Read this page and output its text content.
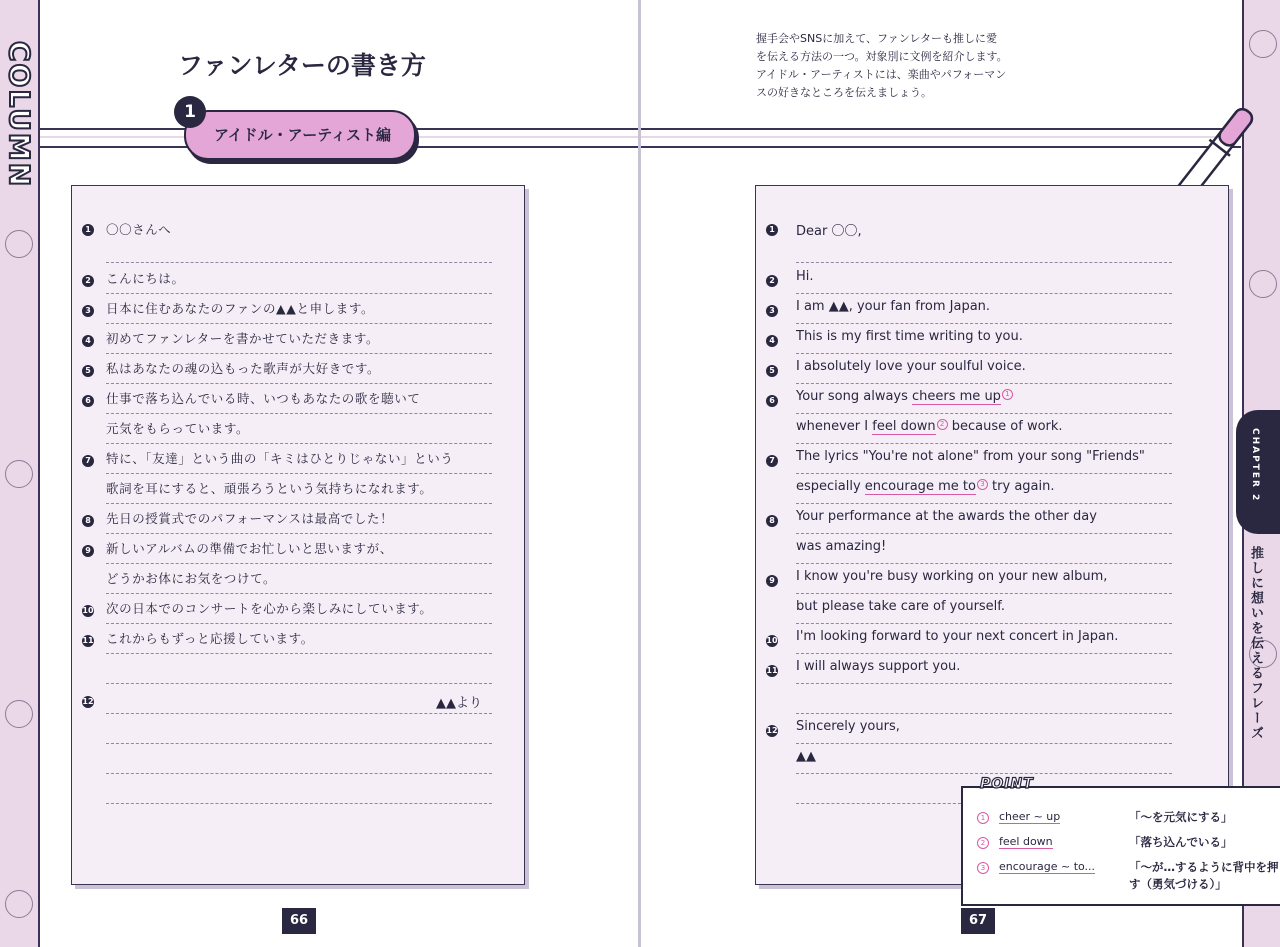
COLUMN	ファンレターの書き方
アイドル・アーティスト編
1
1 〇〇さんへ
2 こんにちは。
3 日本に住むあなたのファンの▲▲と申します。
4 初めてファンレターを書かせていただきます。
5 私はあなたの魂の込もった歌声が大好きです。
6 仕事で落ち込んでいる時、いつもあなたの歌を聴いて
元気をもらっています。
7 特に、「友達」という曲の「キミはひとりじゃない」という
歌詞を耳にすると、頑張ろうという気持ちになれます。
8 先日の授賞式でのパフォーマンスは最高でした！
9 新しいアルバムの準備でお忙しいと思いますが、
どうかお体にお気をつけて。
10 次の日本でのコンサートを心から楽しみにしています。
11 これからもずっと応援しています。
12	▲▲より
66
握手会やSNSに加えて、ファンレターも推しに愛を伝える方法の一つ。対象別に文例を紹介します。アイドル・アーティストには、楽曲やパフォーマンスの好きなところを伝えましょう。
1 Dear 〇〇,
2 Hi.
3 I am ▲▲, your fan from Japan.
4 This is my first time writing to you.
5 I absolutely love your soulful voice.
6 Your song always cheers me up 1
whenever I feel down 2 because of work.
7 The lyrics "You're not alone" from your song "Friends"
especially encourage me to 3 try again.
8 Your performance at the awards the other day
was amazing!
9 I know you're busy working on your new album,
but please take care of yourself.
10 I'm looking forward to your next concert in Japan.
11 I will always support you.
12 Sincerely yours,
▲▲
67
CHAPTER 2
推しに想いを伝えるフレーズ
1	cheer ~ up	「～を元気にする」
2	feel down	「落ち込んでいる」
3	encourage ~ to...	「～が…するように背中を押す（勇気づける）」
POINT
